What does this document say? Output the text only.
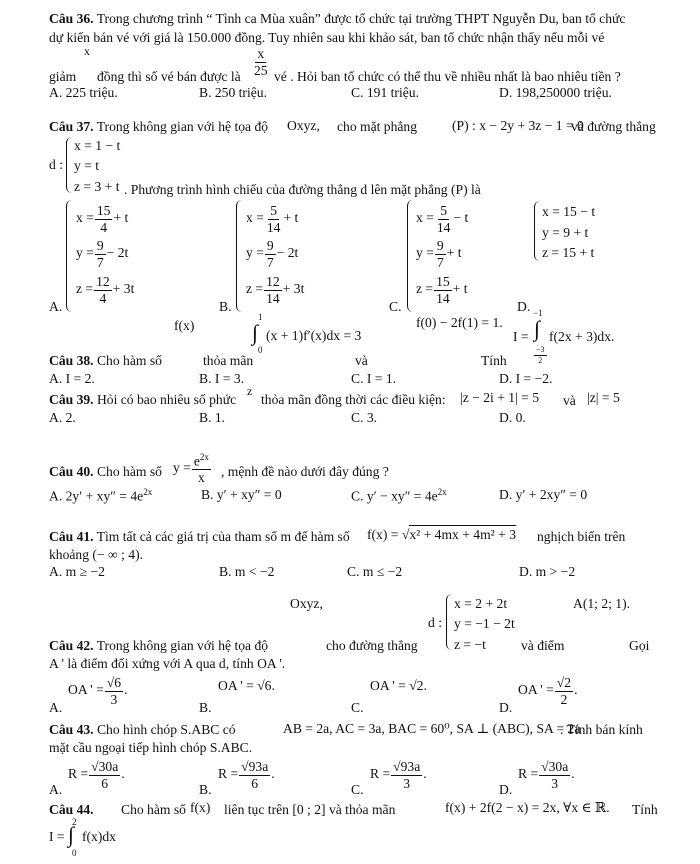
Câu 36. Trong chương trình “ Tình ca Mùa xuân” được tổ chức tại trường THPT Nguyễn Du, ban tổ chức
dự kiến bán vé với giá là 150.000 đồng. Tuy nhiên sau khi khảo sát, ban tổ chức nhận thấy nếu mỗi vé
x
giảm đồng thì số vé bán được là $\frac{x}{25}$ vé . Hỏi ban tổ chức có thể thu về nhiều nhất là bao nhiêu tiền ?
A. 225 triệu.	B. 250 triệu.	C. 191 triệu.	D. 198,250000 triệu.
Câu 37. Trong không gian với hệ tọa độ Oxyz, cho mặt phẳng	(P) : x − 2y + 3z − 1 = 0
và đường thẳng
d :
x = 1 − t
y = t
z = 3 + t . Phương trình hình chiếu của đường thẳng d lên mặt phẳng (P) là
$x = \frac{15}{4} + t$
$y = \frac{9}{7} - 2t$
$z = \frac{12}{4} + 3t$
A.
$x = \frac{5}{14} + t$
$y = \frac{9}{7} - 2t$
$z = \frac{12}{14} + 3t$
B.
$x = \frac{5}{14} - t$
$y = \frac{9}{7} + t$
$z = \frac{15}{14} + t$
C.
x = 15 − t
y = 9 + t
z = 15 + t
D.
f(x)
1
∫
0
(x + 1)f′(x)dx = 3
f(0) − 2f(1) = 1.
I =
−1
∫
$\frac{-3}{2}$
f(2x + 3)dx.
Câu 38. Cho hàm số	thỏa mãn	và	Tính
A. I = 2.	B. I = 3.	C. I = 1.	D. I = −2.
Câu 39. Hỏi có bao nhiêu số phức
z
thỏa mãn đồng thời các điều kiện: |z − 2i + 1| = 5 và |z| = 5
A. 2.	B. 1.	C. 3.	D. 0.
Câu 40. Cho hàm số $y = \frac{e^{2x}}{x}$ , mệnh đề nào dưới đây đúng ?
A. $2y' + xy'' = 4e^{2x}$	B. y′ + xy″ = 0	C. $y' - xy'' = 4e^{2x}$	D. y′ + 2xy″ = 0
Câu 41. Tìm tất cả các giá trị của tham số m để hàm số f(x) = √x² + 4mx + 4m² + 3 nghịch biến trên
khoảng (− ∞ ; 4).
A. m ≥ −2	B. m < −2	C. m ≤ −2	D. m > −2
Oxyz,
d :
x = 2 + 2t
y = −1 − 2t
z = −t
A(1; 2; 1).
Câu 42. Trong không gian với hệ tọa độ	cho đường thẳng	và điểm	Gọi
A ' là điểm đối xứng với A qua d, tính OA '.
A.
OA ' = $\frac{√6}{3}$ .
B.
OA ' = √6.
C.
OA ' = √2.
D.
OA ' = $\frac{√2}{2}$ .
Câu 43. Cho hình chóp S.ABC có	AB = 2a, AC = 3a, BAC = 60⁰, SA ⊥ (ABC), SA = 2a
. Tính bán kính
mặt cầu ngoại tiếp hình chóp S.ABC.
A.
$R = \frac{√30a}{6}$ .
B.
$R = \frac{√93a}{6}$ .
C.
$R = \frac{√93a}{3}$ .
D.
$R = \frac{√30a}{3}$ .
Câu 44. Cho hàm số f(x) liên tục trên [0 ; 2] và thỏa mãn	f(x) + 2f(2 − x) = 2x, ∀x ∈ ℝ. Tính
I =
2
∫
0
f(x)dx
